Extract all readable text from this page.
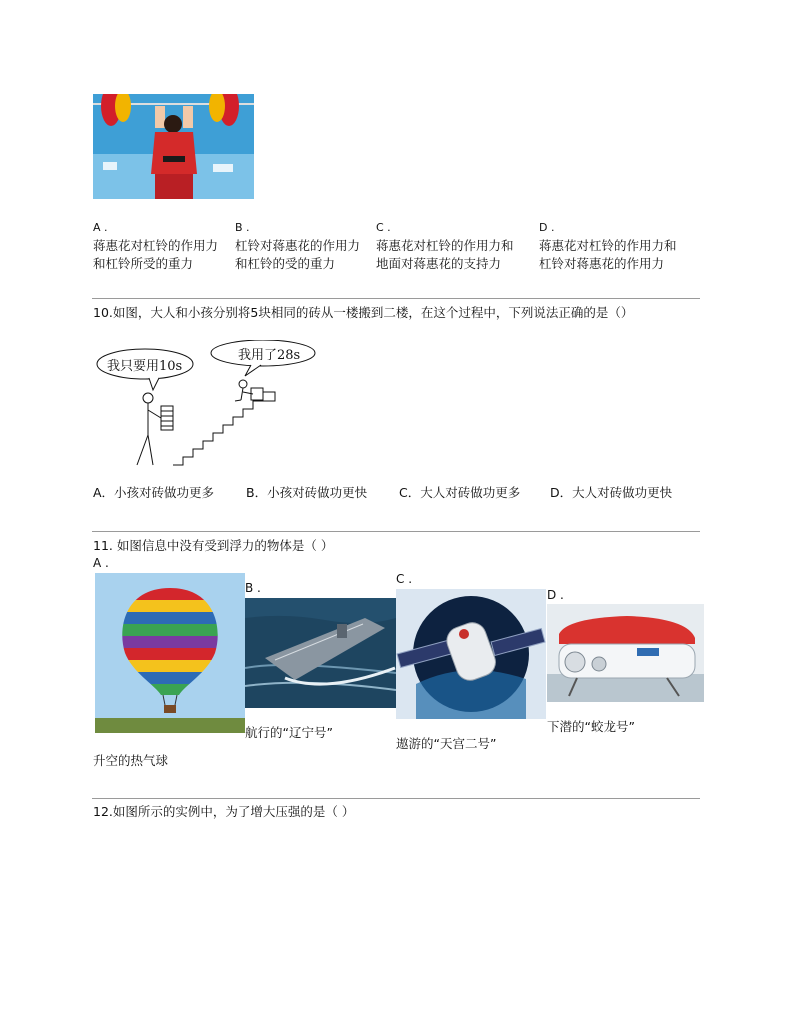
A .
蒋惠花对杠铃的作用力
和杠铃所受的重力
B .
杠铃对蒋惠花的作用力
和杠铃的受的重力
C .
蒋惠花对杠铃的作用力和
地面对蒋惠花的支持力
D .
蒋惠花对杠铃的作用力和
杠铃对蒋惠花的作用力
10.如图，大人和小孩分别将5块相同的砖从一楼搬到二楼，在这个过程中，下列说法正确的是（）
我只要用10s
我用了28s
A．小孩对砖做功更多	B．小孩对砖做功更快	C．大人对砖做功更多 D．大人对砖做功更快
11. 如图信息中没有受到浮力的物体是（ ）
A .
升空的热气球
B .
航行的“辽宁号”
C .
遨游的“天宫二号”
D .
下潜的“蛟龙号”
12.如图所示的实例中，为了增大压强的是（ ）
